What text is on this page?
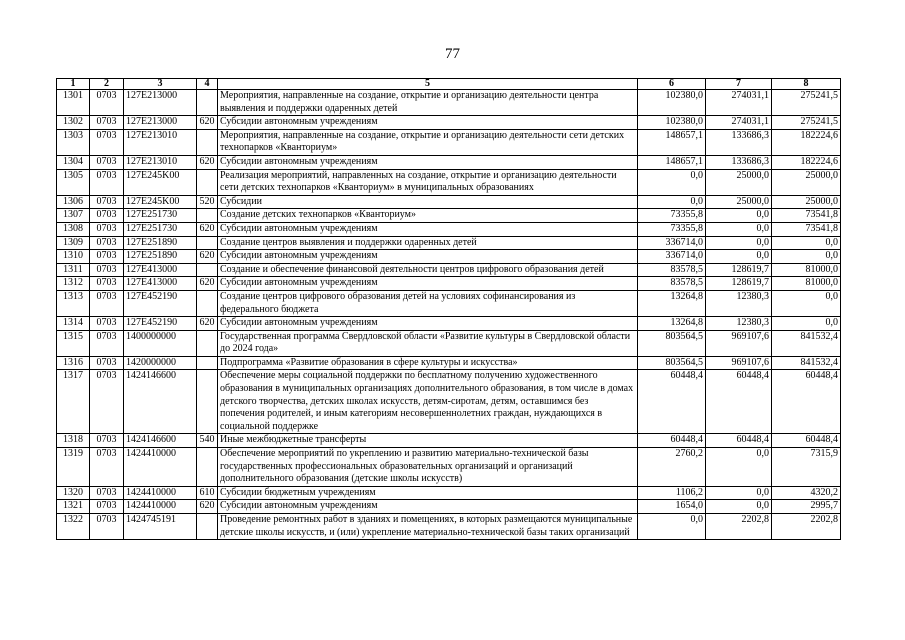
77
1	2	3	4	5	6	7	8
1301	0703	127E213000		Мероприятия, направленные на создание, открытие и организацию деятельности центра выявления и поддержки одаренных детей	102380,0	274031,1	275241,5
1302	0703	127E213000	620	Субсидии автономным учреждениям	102380,0	274031,1	275241,5
1303	0703	127E213010		Мероприятия, направленные на создание, открытие и организацию деятельности сети детских технопарков «Кванториум»	148657,1	133686,3	182224,6
1304	0703	127E213010	620	Субсидии автономным учреждениям	148657,1	133686,3	182224,6
1305	0703	127E245K00		Реализация мероприятий, направленных на создание, открытие и организацию деятельности сети детских технопарков «Кванториум» в муниципальных образованиях	0,0	25000,0	25000,0
1306	0703	127E245K00	520	Субсидии	0,0	25000,0	25000,0
1307	0703	127E251730		Создание детских технопарков «Кванториум»	73355,8	0,0	73541,8
1308	0703	127E251730	620	Субсидии автономным учреждениям	73355,8	0,0	73541,8
1309	0703	127E251890		Создание центров выявления и поддержки одаренных детей	336714,0	0,0	0,0
1310	0703	127E251890	620	Субсидии автономным учреждениям	336714,0	0,0	0,0
1311	0703	127E413000		Создание и обеспечение финансовой деятельности центров цифрового образования детей	83578,5	128619,7	81000,0
1312	0703	127E413000	620	Субсидии автономным учреждениям	83578,5	128619,7	81000,0
1313	0703	127E452190		Создание центров цифрового образования детей на условиях софинансирования из федерального бюджета	13264,8	12380,3	0,0
1314	0703	127E452190	620	Субсидии автономным учреждениям	13264,8	12380,3	0,0
1315	0703	1400000000		Государственная программа Свердловской области «Развитие культуры в Свердловской области до 2024 года»	803564,5	969107,6	841532,4
1316	0703	1420000000		Подпрограмма «Развитие образования в сфере культуры и искусства»	803564,5	969107,6	841532,4
1317	0703	1424146600		Обеспечение меры социальной поддержки по бесплатному получению художественного образования в муниципальных организациях дополнительного образования, в том числе в домах детского творчества, детских школах искусств, детям-сиротам, детям, оставшимся без попечения родителей, и иным категориям несовершеннолетних граждан, нуждающихся в социальной поддержке	60448,4	60448,4	60448,4
1318	0703	1424146600	540	Иные межбюджетные трансферты	60448,4	60448,4	60448,4
1319	0703	1424410000		Обеспечение мероприятий по укреплению и развитию материально-технической базы государственных профессиональных образовательных организаций и организаций дополнительного образования (детские школы искусств)	2760,2	0,0	7315,9
1320	0703	1424410000	610	Субсидии бюджетным учреждениям	1106,2	0,0	4320,2
1321	0703	1424410000	620	Субсидии автономным учреждениям	1654,0	0,0	2995,7
1322	0703	1424745191		Проведение ремонтных работ в зданиях и помещениях, в которых размещаются муниципальные детские школы искусств, и (или) укрепление материально-технической базы таких организаций	0,0	2202,8	2202,8
